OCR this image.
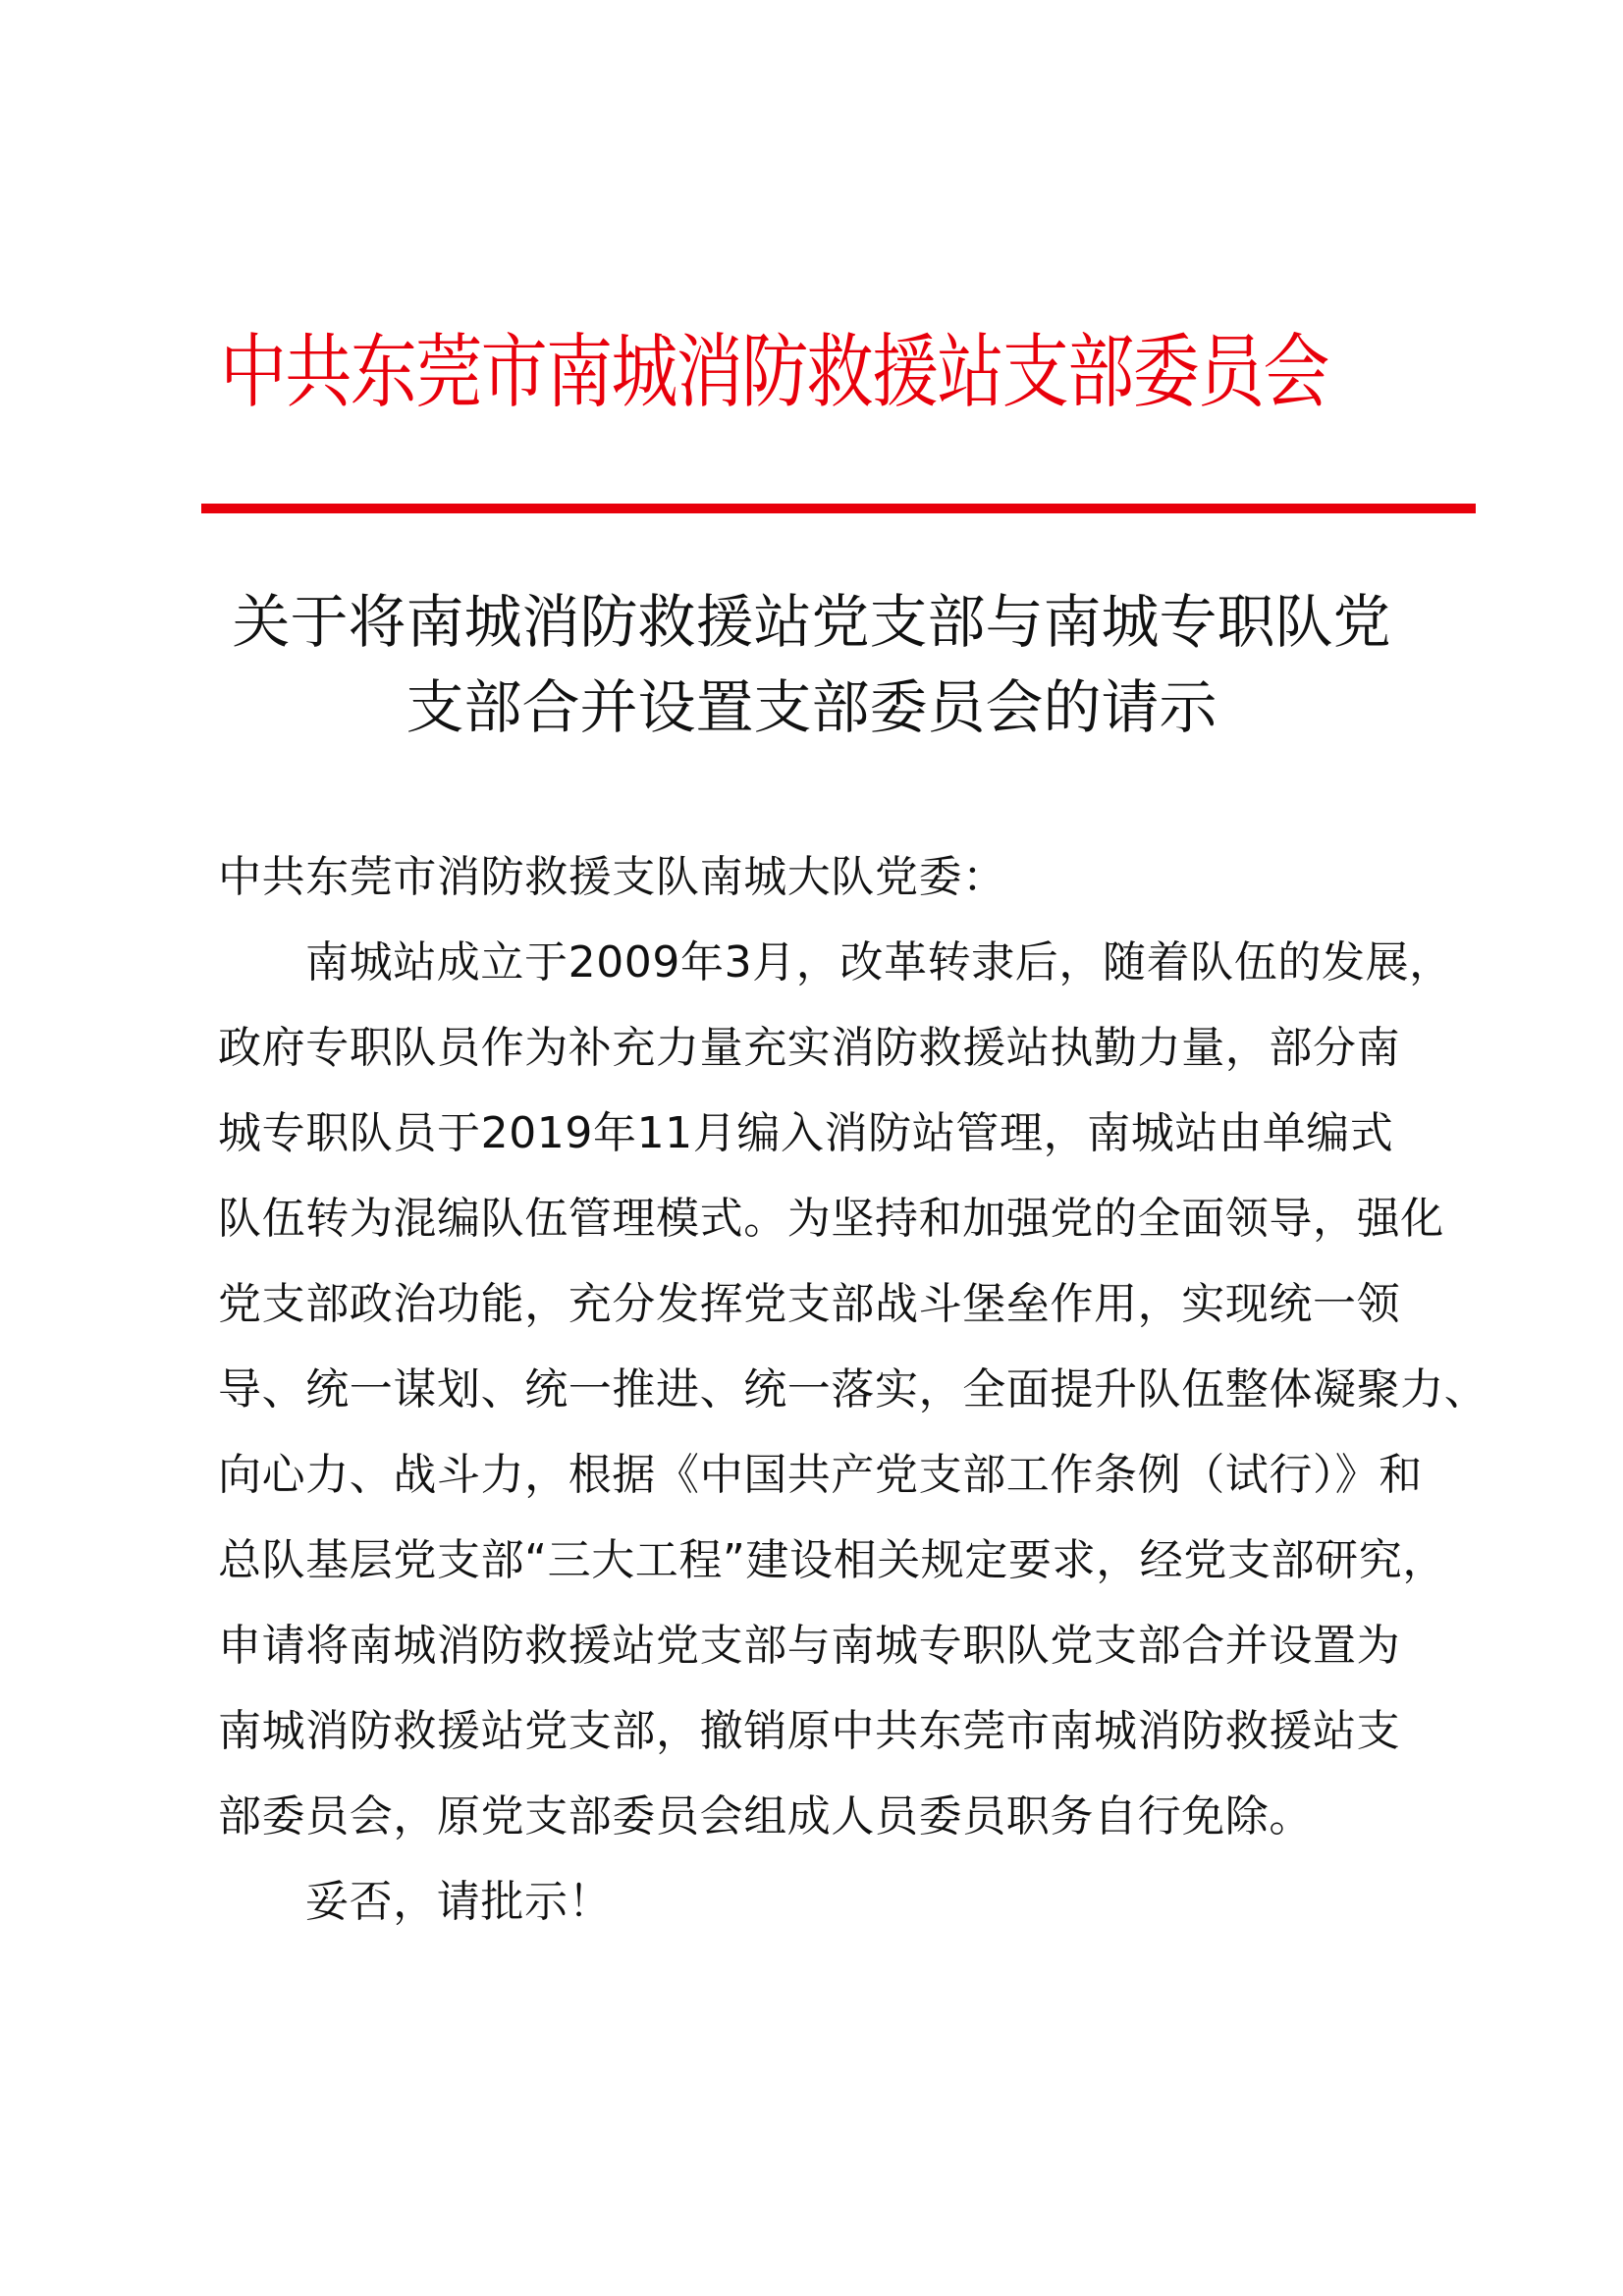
中共东莞市南城消防救援站支部委员会
关于将南城消防救援站党支部与南城专职队党
支部合并设置支部委员会的请示
中共东莞市消防救援支队南城大队党委：
南城站成立于2009年3月，改革转隶后，随着队伍的发展，
政府专职队员作为补充力量充实消防救援站执勤力量，部分南
城专职队员于2019年11月编入消防站管理，南城站由单编式
队伍转为混编队伍管理模式。为坚持和加强党的全面领导，强化
党支部政治功能，充分发挥党支部战斗堡垒作用，实现统一领
导、统一谋划、统一推进、统一落实，全面提升队伍整体凝聚力、
向心力、战斗力，根据《中国共产党支部工作条例（试行）》和
总队基层党支部“三大工程”建设相关规定要求，经党支部研究，
申请将南城消防救援站党支部与南城专职队党支部合并设置为
南城消防救援站党支部，撤销原中共东莞市南城消防救援站支
部委员会，原党支部委员会组成人员委员职务自行免除。
妥否，请批示！
